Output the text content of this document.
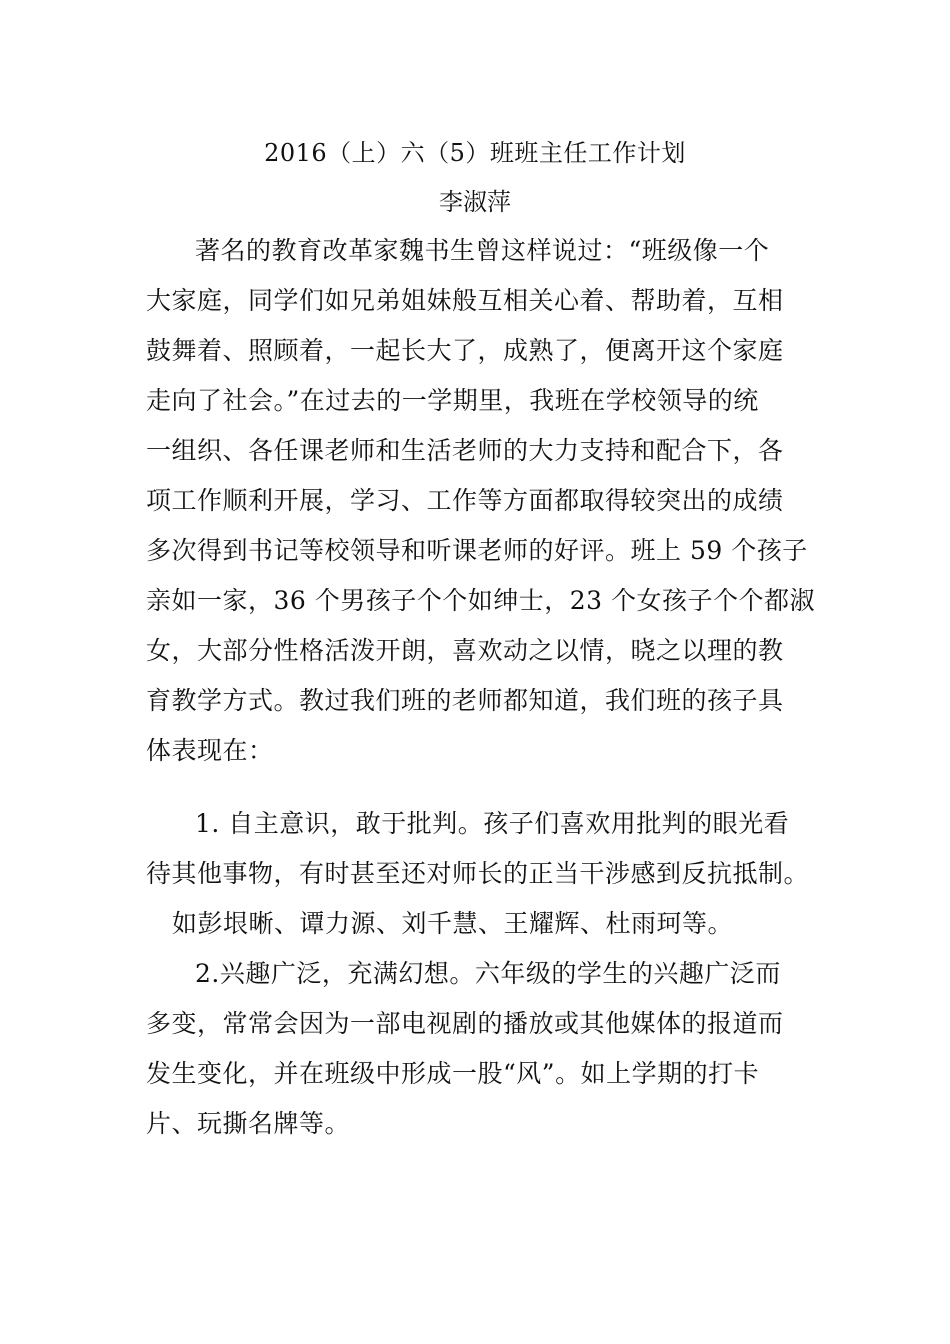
2016（上）六（5）班班主任工作计划
李淑萍
著名的教育改革家魏书生曾这样说过：“班级像一个
大家庭，同学们如兄弟姐妹般互相关心着、帮助着，互相
鼓舞着、照顾着，一起长大了，成熟了，便离开这个家庭
走向了社会。”在过去的一学期里，我班在学校领导的统
一组织、各任课老师和生活老师的大力支持和配合下，各
项工作顺利开展，学习、工作等方面都取得较突出的成绩
多次得到书记等校领导和听课老师的好评。班上 59 个孩子
亲如一家，36 个男孩子个个如绅士，23 个女孩子个个都淑
女，大部分性格活泼开朗，喜欢动之以情，晓之以理的教
育教学方式。教过我们班的老师都知道，我们班的孩子具
体表现在：
1. 自主意识，敢于批判。孩子们喜欢用批判的眼光看
待其他事物，有时甚至还对师长的正当干涉感到反抗抵制。
如彭垠晰、谭力源、刘千慧、王耀辉、杜雨珂等。
2.兴趣广泛，充满幻想。六年级的学生的兴趣广泛而
多变，常常会因为一部电视剧的播放或其他媒体的报道而
发生变化，并在班级中形成一股“风”。如上学期的打卡
片、玩撕名牌等。
